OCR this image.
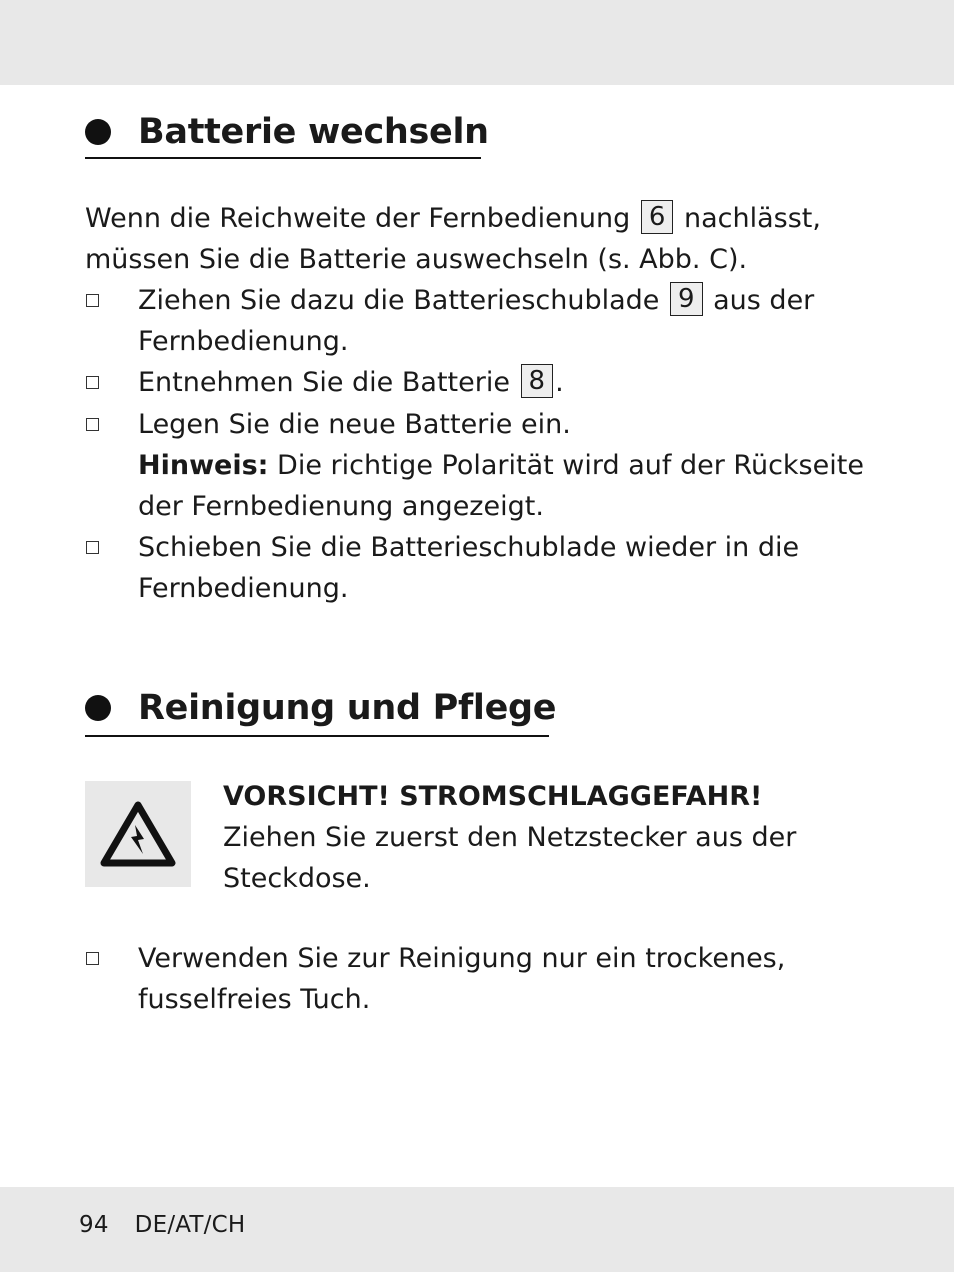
Batterie wechseln
Wenn die Reichweite der Fernbedienung 6 nachlässt,
müssen Sie die Batterie auswechseln (s. Abb. C).
Ziehen Sie dazu die Batterieschublade 9 aus der
Fernbedienung.
Entnehmen Sie die Batterie 8 .
Legen Sie die neue Batterie ein.
Hinweis: Die richtige Polarität wird auf der Rückseite
der Fernbedienung angezeigt.
Schieben Sie die Batterieschublade wieder in die
Fernbedienung.
Reinigung und Pflege
VORSICHT! STROMSCHLAGGEFAHR!
Ziehen Sie zuerst den Netzstecker aus der
Steckdose.
Verwenden Sie zur Reinigung nur ein trockenes,
fusselfreies Tuch.
94 DE/AT/CH
